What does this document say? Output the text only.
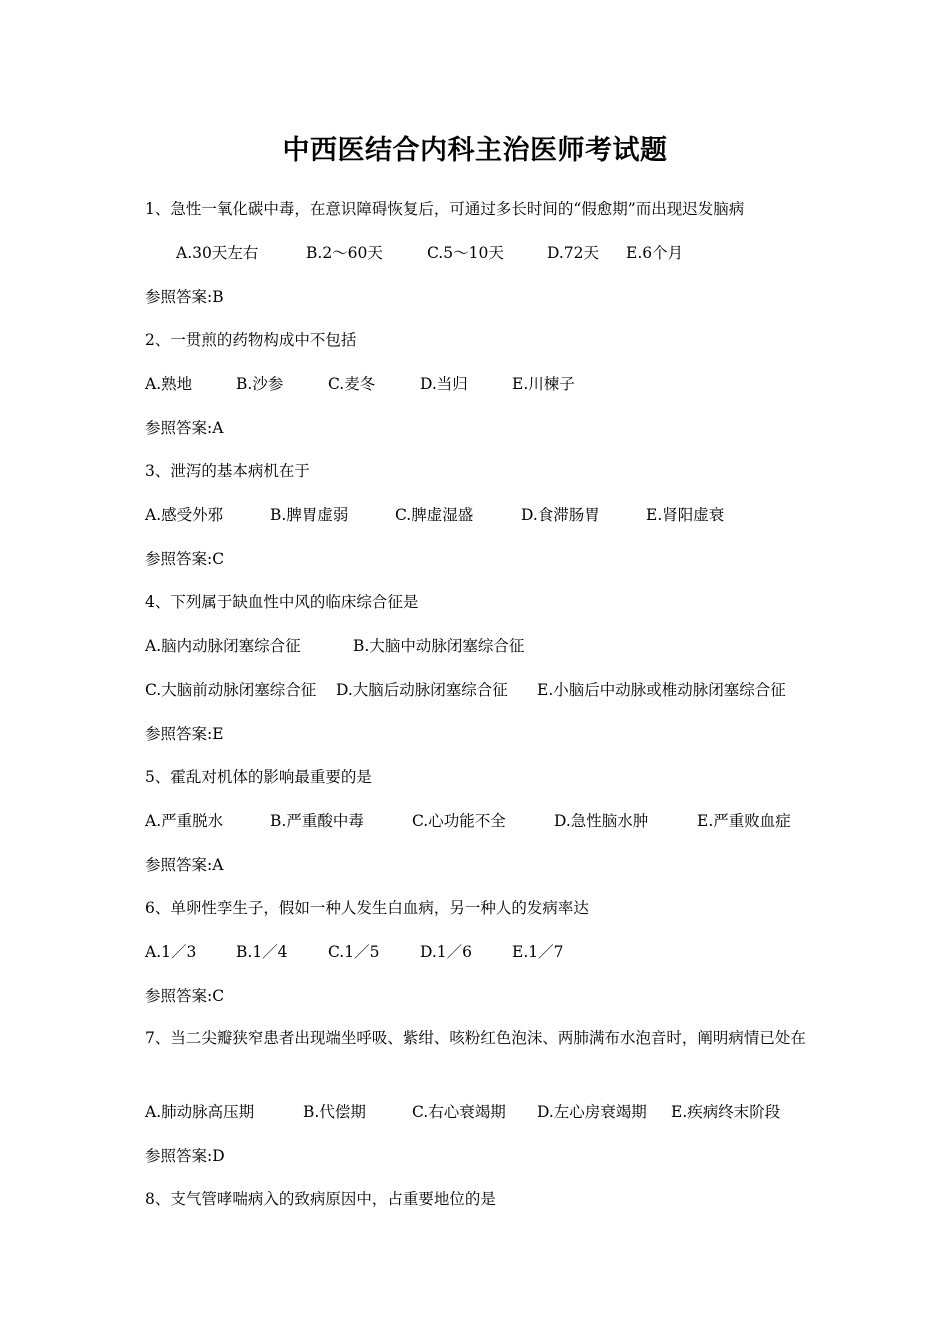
中西医结合内科主治医师考试题
1、急性一氧化碳中毒，在意识障碍恢复后，可通过多长时间的“假愈期”而出现迟发脑病
A.30天左右	B.2～60天	C.5～10天	D.72天 E.6个月
参照答案:B
2、一贯煎的药物构成中不包括
A.熟地	B.沙参	C.麦冬	D.当归	E.川楝子
参照答案:A
3、泄泻的基本病机在于
A.感受外邪	B.脾胃虚弱	C.脾虚湿盛	D.食滞肠胃	E.肾阳虚衰
参照答案:C
4、下列属于缺血性中风的临床综合征是
A.脑内动脉闭塞综合征	B.大脑中动脉闭塞综合征
C.大脑前动脉闭塞综合征 D.大脑后动脉闭塞综合征 E.小脑后中动脉或椎动脉闭塞综合征
参照答案:E
5、霍乱对机体的影响最重要的是
A.严重脱水	B.严重酸中毒	C.心功能不全	D.急性脑水肿	E.严重败血症
参照答案:A
6、单卵性孪生子，假如一种人发生白血病，另一种人的发病率达
A.1／3	B.1／4	C.1／5	D.1／6	E.1／7
参照答案:C
7、当二尖瓣狭窄患者出现端坐呼吸、紫绀、咳粉红色泡沫、两肺满布水泡音时，阐明病情已处在
A.肺动脉高压期	B.代偿期	C.右心衰竭期 D.左心房衰竭期 E.疾病终末阶段
参照答案:D
8、支气管哮喘病入的致病原因中，占重要地位的是
